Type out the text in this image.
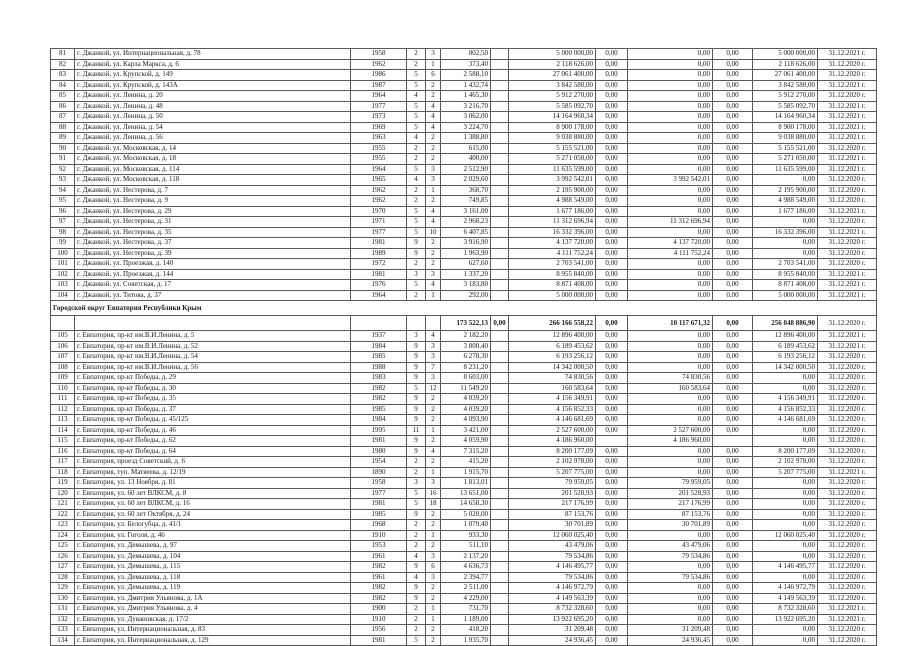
81	г. Джанкой, ул. Интернациональная, д. 78	1958	2	3	802,50		5 000 000,00	0,00	0,00	0,00	5 000 000,00	31.12.2021 г.
82	г. Джанкой, ул. Карла Маркса, д. 6	1962	2	1	373,40		2 118 626,00	0,00	0,00	0,00	2 118 626,00	31.12.2020 г.
83	г. Джанкой, ул. Крупской, д. 149	1986	5	6	2 588,10		27 061 400,00	0,00	0,00	0,00	27 061 400,00	31.12.2020 г.
84	г. Джанкой, ул. Крупской, д. 143А	1987	5	2	1 432,74		3 842 580,00	0,00	0,00	0,00	3 842 580,00	31.12.2021 г.
85	г. Джанкой, ул. Ленина, д. 20	1964	4	2	1 465,30		5 912 270,00	0,00	0,00	0,00	5 912 270,00	31.12.2020 г.
86	г. Джанкой, ул. Ленина, д. 48	1977	5	4	3 216,70		5 585 092,70	0,00	0,00	0,00	5 585 092,70	31.12.2021 г.
87	г. Джанкой, ул. Ленина, д. 50	1973	5	4	3 062,00		14 164 960,34	0,00	0,00	0,00	14 164 960,34	31.12.2021 г.
88	г. Джанкой, ул. Ленина, д. 54	1969	5	4	3 224,70		8 900 178,00	0,00	0,00	0,00	8 900 178,00	31.12.2021 г.
89	г. Джанкой, ул. Ленина, д. 56	1963	4	2	1 388,80		9 038 880,00	0,00	0,00	0,00	9 038 880,00	31.12.2021 г.
90	г. Джанкой, ул. Московская, д. 14	1955	2	2	615,00		5 155 521,00	0,00	0,00	0,00	5 155 521,00	31.12.2020 г.
91	г. Джанкой, ул. Московская, д. 18	1955	2	2	400,00		5 271 050,00	0,00	0,00	0,00	5 271 050,00	31.12.2021 г.
92	г. Джанкой, ул. Московская, д. 114	1964	5	3	2 512,90		11 635 599,00	0,00	0,00	0,00	11 635 599,00	31.12.2021 г.
93	г. Джанкой, ул. Московская, д. 118	1965	4	3	2 029,60		3 992 542,01	0,00	3 992 542,01	0,00	0,00	31.12.2020 г.
94	г. Джанкой, ул. Нестерова, д. 7	1962	2	1	368,70		2 195 900,00	0,00	0,00	0,00	2 195 900,00	31.12.2020 г.
95	г. Джанкой, ул. Нестерова, д. 9	1962	2	2	749,85		4 988 549,00	0,00	0,00	0,00	4 988 549,00	31.12.2020 г.
96	г. Джанкой, ул. Нестерова, д. 29	1970	5	4	3 161,00		1 677 186,00	0,00	0,00	0,00	1 677 186,00	31.12.2021 г.
97	г. Джанкой, ул. Нестерова, д. 31	1971	5	4	2 968,23		11 312 696,94	0,00	11 312 696,94	0,00	0,00	31.12.2020 г.
98	г. Джанкой, ул. Нестерова, д. 35	1977	5	10	6 407,85		16 332 396,00	0,00	0,00	0,00	16 332 396,00	31.12.2021 г.
99	г. Джанкой, ул. Нестерова, д. 37	1981	9	2	3 916,90		4 137 720,00	0,00	4 137 720,00	0,00	0,00	31.12.2020 г.
100	г. Джанкой, ул. Нестерова, д. 39	1989	9	2	1 963,90		4 111 752,24	0,00	4 111 752,24	0,00	0,00	31.12.2020 г.
101	г. Джанкой, ул. Проезжая, д. 140	1972	2	2	627,60		2 703 541,00	0,00	0,00	0,00	2 703 541,00	31.12.2020 г.
102	г. Джанкой, ул. Проезжая, д. 144	1981	3	3	1 337,20		8 955 840,00	0,00	0,00	0,00	8 955 840,00	31.12.2021 г.
103	г. Джанкой, ул. Советская, д. 17	1976	5	4	3 183,80		8 871 408,00	0,00	0,00	0,00	8 871 408,00	31.12.2021 г.
104	г. Джанкой, ул. Титова, д. 37	1964	2	1	292,00		5 000 000,00	0,00	0,00	0,00	5 000 000,00	31.12.2021 г.
Городской округ Евпатория Республики Крым												
					173 522,13	0,00	266 166 558,22	0,00	10 117 671,32	0,00	256 048 886,90	31.12.2020 г.
105	г. Евпатория, пр-кт им.В.И.Ленина, д. 5	1937	3	4	2 182,20		12 896 400,00	0,00	0,00	0,00	12 896 400,00	31.12.2021 г.
106	г. Евпатория, пр-кт им.В.И.Ленина, д. 52	1984	9	3	3 800,40		6 189 453,62	0,00	0,00	0,00	6 189 453,62	31.12.2021 г.
107	г. Евпатория, пр-кт им.В.И.Ленина, д. 54	1985	9	3	6 278,30		6 193 256,12	0,00	0,00	0,00	6 193 256,12	31.12.2020 г.
108	г. Евпатория, пр-кт им.В.И.Ленина, д. 56	1988	9	7	8 231,20		14 342 000,50	0,00	0,00	0,00	14 342 000,50	31.12.2020 г.
109	г. Евпатория, пр-кт Победы, д. 29	1983	9	3	8 603,00		74 830,56	0,00	74 830,56	0,00	0,00	31.12.2020 г.
110	г. Евпатория, пр-кт Победы, д. 30	1982	5	12	11 549,20		160 583,64	0,00	160 583,64	0,00	0,00	31.12.2020 г.
111	г. Евпатория, пр-кт Победы, д. 35	1982	9	2	4 039,20		4 156 349,91	0,00	0,00	0,00	4 156 349,91	31.12.2020 г.
112	г. Евпатория, пр-кт Победы, д. 37	1985	9	2	4 039,20		4 156 852,33	0,00	0,00	0,00	4 156 852,33	31.12.2020 г.
113	г. Евпатория, пр-кт Победы, д. 45/125	1984	9	2	4 093,90		4 146 681,69	0,00	0,00	0,00	4 146 681,69	31.12.2020 г.
114	г. Евпатория, пр-кт Победы, д. 46	1995	11	1	3 421,00		2 527 600,00	0,00	2 527 600,00	0,00	0,00	31.12.2020 г.
115	г. Евпатория, пр-кт Победы, д. 62	1981	9	2	4 059,90		4 186 960,00		4 186 960,00		0,00	31.12.2020 г.
116	г. Евпатория, пр-кт Победы, д. 64	1980	9	4	7 315,20		8 200 177,09	0,00	0,00	0,00	8 200 177,09	31.12.2020 г.
117	г. Евпатория, проезд Советский, д. 6	1954	2	2	415,20		2 102 978,00	0,00	0,00	0,00	2 102 978,00	31.12.2020 г.
118	г. Евпатория, туп. Матвеева, д. 12/19	1890	2	1	1 915,70		5 207 775,00	0,00	0,00	0,00	5 207 775,00	31.12.2021 г.
119	г. Евпатория, ул. 13 Ноября, д. 81	1958	3	3	1 813,01		79 959,05	0,00	79 959,05	0,00	0,00	31.12.2020 г.
120	г. Евпатория, ул. 60 лет ВЛКСМ, д. 8	1977	5	16	13 651,00		201 528,93	0,00	201 528,93	0,00	0,00	31.12.2020 г.
121	г. Евпатория, ул. 60 лет ВЛКСМ, д. 16	1981	5	18	14 658,30		217 176,99	0,00	217 176,99	0,00	0,00	31.12.2020 г.
122	г. Евпатория, ул. 60 лет Октября, д. 24	1985	9	2	5 020,00		87 153,76	0,00	87 153,76	0,00	0,00	31.12.2020 г.
123	г. Евпатория, ул. Белогубца, д. 41/1	1968	2	2	1 079,40		30 701,89	0,00	30 701,89	0,00	0,00	31.12.2020 г.
124	г. Евпатория, ул. Гоголя, д. 46	1910	2	1	933,30		12 060 025,40	0,00	0,00	0,00	12 060 025,40	31.12.2020 г.
125	г. Евпатория, ул. Демышева, д. 97	1953	2	2	511,10		43 479,06	0,00	43 479,06	0,00	0,00	31.12.2020 г.
126	г. Евпатория, ул. Демышева, д. 104	1961	4	3	2 137,20		79 534,86	0,00	79 534,86	0,00	0,00	31.12.2020 г.
127	г. Евпатория, ул. Демышева, д. 115	1982	9	6	4 636,73		4 146 495,77	0,00	0,00	0,00	4 146 495,77	31.12.2020 г.
128	г. Евпатория, ул. Демышева, д. 118	1961	4	3	2 394,77		79 534,86	0,00	79 534,86	0,00	0,00	31.12.2020 г.
129	г. Евпатория, ул. Демышева, д. 119	1982	9	2	2 511,00		4 146 972,79	0,00	0,00	0,00	4 146 972,79	31.12.2020 г.
130	г. Евпатория, ул. Дмитрия Ульянова, д. 1А	1982	9	2	4 229,00		4 149 563,39	0,00	0,00	0,00	4 149 563,39	31.12.2020 г.
131	г. Евпатория, ул. Дмитрия Ульянова, д. 4	1900	2	1	731,70		8 732 328,60	0,00	0,00	0,00	8 732 328,60	31.12.2021 г.
132	г. Евпатория, ул. Дувановская, д. 17/2	1910	2	1	1 189,00		13 922 695,20	0,00	0,00	0,00	13 922 695,20	31.12.2021 г.
133	г. Евпатория, ул. Интернациональная, д. 83	1956	2	2	418,20		31 209,48	0,00	31 209,48	0,00	0,00	31.12.2020 г.
134	г. Евпатория, ул. Интернациональная, д. 129	1981	5	2	1 935,70		24 936,45	0,00	24 936,45	0,00	0,00	31.12.2020 г.
